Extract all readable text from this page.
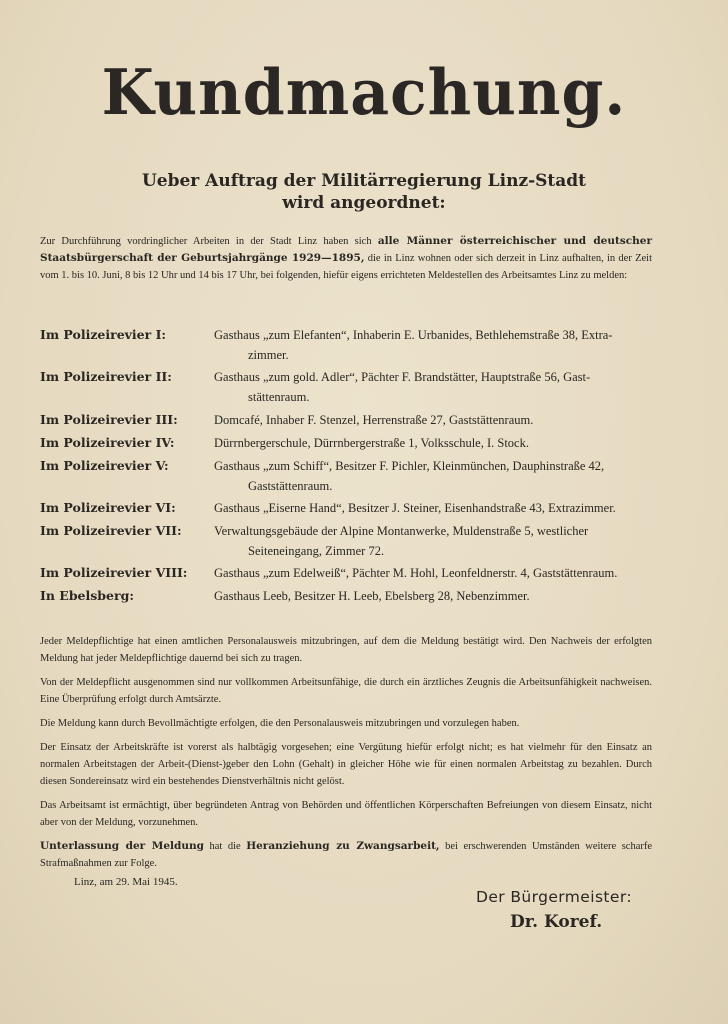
Kundmachung.
Ueber Auftrag der Militärregierung Linz-Stadt
wird angeordnet:
Zur Durchführung vordringlicher Arbeiten in der Stadt Linz haben sich alle Männer österreichischer und deutscher Staatsbürgerschaft der Geburtsjahrgänge 1929—1895, die in Linz wohnen oder sich derzeit in Linz aufhalten, in der Zeit vom 1. bis 10. Juni, 8 bis 12 Uhr und 14 bis 17 Uhr, bei folgenden, hiefür eigens errichteten Meldestellen des Arbeitsamtes Linz zu melden:
Im Polizeirevier I:	Gasthaus „zum Elefanten“, Inhaberin E. Urbanides, Bethlehemstraße 38, Extra-
zimmer.
Im Polizeirevier II:	Gasthaus „zum gold. Adler“, Pächter F. Brandstätter, Hauptstraße 56, Gast-
stättenraum.
Im Polizeirevier III:	Domcafé, Inhaber F. Stenzel, Herrenstraße 27, Gaststättenraum.
Im Polizeirevier IV:	Dürrnbergerschule, Dürrnbergerstraße 1, Volksschule, I. Stock.
Im Polizeirevier V:	Gasthaus „zum Schiff“, Besitzer F. Pichler, Kleinmünchen, Dauphinstraße 42,
Gaststättenraum.
Im Polizeirevier VI:	Gasthaus „Eiserne Hand“, Besitzer J. Steiner, Eisenhandstraße 43, Extrazimmer.
Im Polizeirevier VII:	Verwaltungsgebäude der Alpine Montanwerke, Muldenstraße 5, westlicher
Seiteneingang, Zimmer 72.
Im Polizeirevier VIII:	Gasthaus „zum Edelweiß“, Pächter M. Hohl, Leonfeldnerstr. 4, Gaststättenraum.
In Ebelsberg:	Gasthaus Leeb, Besitzer H. Leeb, Ebelsberg 28, Nebenzimmer.

Jeder Meldepflichtige hat einen amtlichen Personalausweis mitzubringen, auf dem die Meldung bestätigt wird. Den Nachweis der erfolgten Meldung hat jeder Meldepflichtige dauernd bei sich zu tragen.

Von der Meldepflicht ausgenommen sind nur vollkommen Arbeitsunfähige, die durch ein ärztliches Zeugnis die Arbeitsunfähigkeit nachweisen. Eine Überprüfung erfolgt durch Amtsärzte.

Die Meldung kann durch Bevollmächtigte erfolgen, die den Personalausweis mitzubringen und vorzulegen haben.

Der Einsatz der Arbeitskräfte ist vorerst als halbtägig vorgesehen; eine Vergütung hiefür erfolgt nicht; es hat vielmehr für den Einsatz an normalen Arbeitstagen der Arbeit-(Dienst-)geber den Lohn (Gehalt) in gleicher Höhe wie für einen normalen Arbeitstag zu bezahlen. Durch diesen Sondereinsatz wird ein bestehendes Dienstverhältnis nicht gelöst.

Das Arbeitsamt ist ermächtigt, über begründeten Antrag von Behörden und öffentlichen Körperschaften Befreiungen von diesem Einsatz, nicht aber von der Meldung, vorzunehmen.

Unterlassung der Meldung hat die Heranziehung zu Zwangsarbeit, bei erschwerenden Umständen weitere scharfe Strafmaßnahmen zur Folge.

Linz, am 29. Mai 1945.
Der Bürgermeister:
Dr. Koref.
